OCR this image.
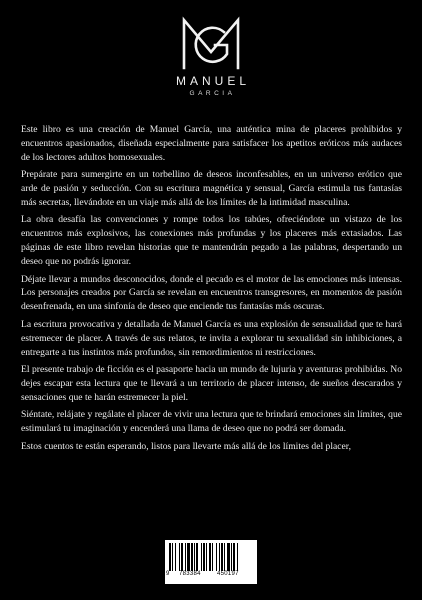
MANUEL
GARCIA

Este libro es una creación de Manuel García, una auténtica mina de placeres prohibidos y encuentros apasionados, diseñada especialmente para satisfacer los apetitos eróticos más audaces de los lectores adultos homosexuales.

Prepárate para sumergirte en un torbellino de deseos inconfesables, en un universo erótico que arde de pasión y seducción. Con su escritura magnética y sensual, García estimula tus fantasías más secretas, llevándote en un viaje más allá de los límites de la intimidad masculina.

La obra desafía las convenciones y rompe todos los tabúes, ofreciéndote un vistazo de los encuentros más explosivos, las conexiones más profundas y los placeres más extasiados. Las páginas de este libro revelan historias que te mantendrán pegado a las palabras, despertando un deseo que no podrás ignorar.

Déjate llevar a mundos desconocidos, donde el pecado es el motor de las emociones más intensas. Los personajes creados por García se revelan en encuentros transgresores, en momentos de pasión desenfrenada, en una sinfonía de deseo que enciende tus fantasías más oscuras.

La escritura provocativa y detallada de Manuel García es una explosión de sensualidad que te hará estremecer de placer. A través de sus relatos, te invita a explorar tu sexualidad sin inhibiciones, a entregarte a tus instintos más profundos, sin remordimientos ni restricciones.

El presente trabajo de ficción es el pasaporte hacia un mundo de lujuria y aventuras prohibidas. No dejes escapar esta lectura que te llevará a un territorio de placer intenso, de sueños descarados y sensaciones que te harán estremecer la piel.

Siéntate, relájate y regálate el placer de vivir una lectura que te brindará emociones sin límites, que estimulará tu imaginación y encenderá una llama de deseo que no podrá ser domada.

Estos cuentos te están esperando, listos para llevarte más allá de los límites del placer,

9 783384	450197
